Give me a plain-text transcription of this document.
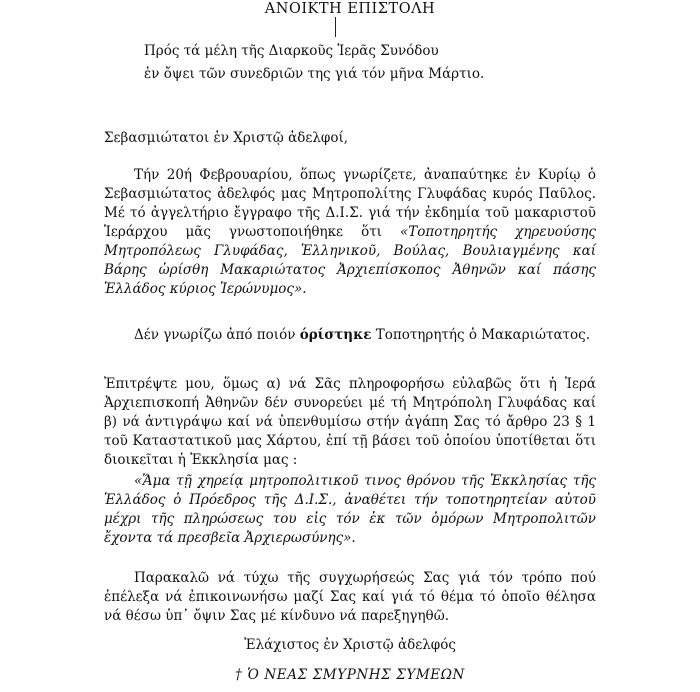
ΑΝΟΙΚΤΗ ΕΠΙΣΤΟΛΗ
Πρός τά μέλη τῆς Διαρκοῦς Ἱερᾶς Συνόδου
ἐν ὄψει τῶν συνεδριῶν της γιά τόν μῆνα Μάρτιο.
Σεβασμιώτατοι ἐν Χριστῷ ἀδελφοί,
Τήν 20ή Φεβρουαρίου, ὅπως γνωρίζετε, ἀναπαύτηκε ἐν Κυρίῳ ὁ Σεβασμιώτατος ἀδελφός μας Μητροπολίτης Γλυφάδας κυρός Παῦλος. Μέ τό ἀγγελτήριο ἔγγραφο τῆς Δ.Ι.Σ. γιά τήν ἐκδημία τοῦ μακαριστοῦ Ἱεράρχου μᾶς γνωστοποιήθηκε ὅτι «Τοποτηρητής χηρευούσης Μητροπόλεως Γλυφάδας, Ἑλληνικοῦ, Βούλας, Βουλιαγμένης καί Βάρης ὡρίσθη Μακαριώτατος Ἀρχιεπίσκοπος Ἀθηνῶν καί πάσης Ἑλλάδος κύριος Ἱερώνυμος».
Δέν γνωρίζω ἀπό ποιόν όρίστηκε Τοποτηρητής ὁ Μακαριώτατος.
Ἐπιτρέψτε μου, ὅμως α) νά Σᾶς πληροφορήσω εὐλαβῶς ὅτι ἡ Ἱερά Ἀρχιεπισκοπή Ἀθηνῶν δέν συνορεύει μέ τή Μητρόπολη Γλυφάδας καί β) νά ἀντιγράψω καί νά ὑπενθυμίσω στήν ἀγάπη Σας τό ἄρθρο 23 § 1 τοῦ Καταστατικοῦ μας Χάρτου, ἐπί τῇ βάσει τοῦ ὁποίου ὑποτίθεται ὅτι διοικεῖται ἡ Ἐκκλησία μας :
«Ἅμα τῇ χηρείᾳ μητροπολιτικοῦ τινος θρόνου τῆς Ἐκκλησίας τῆς Ἑλλάδος ὁ Πρόεδρος τῆς Δ.Ι.Σ., ἀναθέτει τήν τοποτηρητείαν αὐτοῦ μέχρι τῆς πληρώσεως του εἰς τόν ἐκ τῶν ὁμόρων Μητροπολιτῶν ἔχοντα τά πρεσβεῖα Ἀρχιερωσύνης».
Παρακαλῶ νά τύχω τῆς συγχωρήσεώς Σας γιά τόν τρόπο πού ἐπέλεξα νά ἐπικοινωνήσω μαζί Σας καί γιά τό θέμα τό ὁποῖο θέλησα νά θέσω ὑπ᾽ ὄψιν Σας μέ κίνδυνο νά παρεξηγηθῶ.
Ἐλάχιστος ἐν Χριστῷ ἀδελφός
† Ὁ ΝΕΑΣ ΣΜΥΡΝΗΣ ΣΥΜΕΩΝ
